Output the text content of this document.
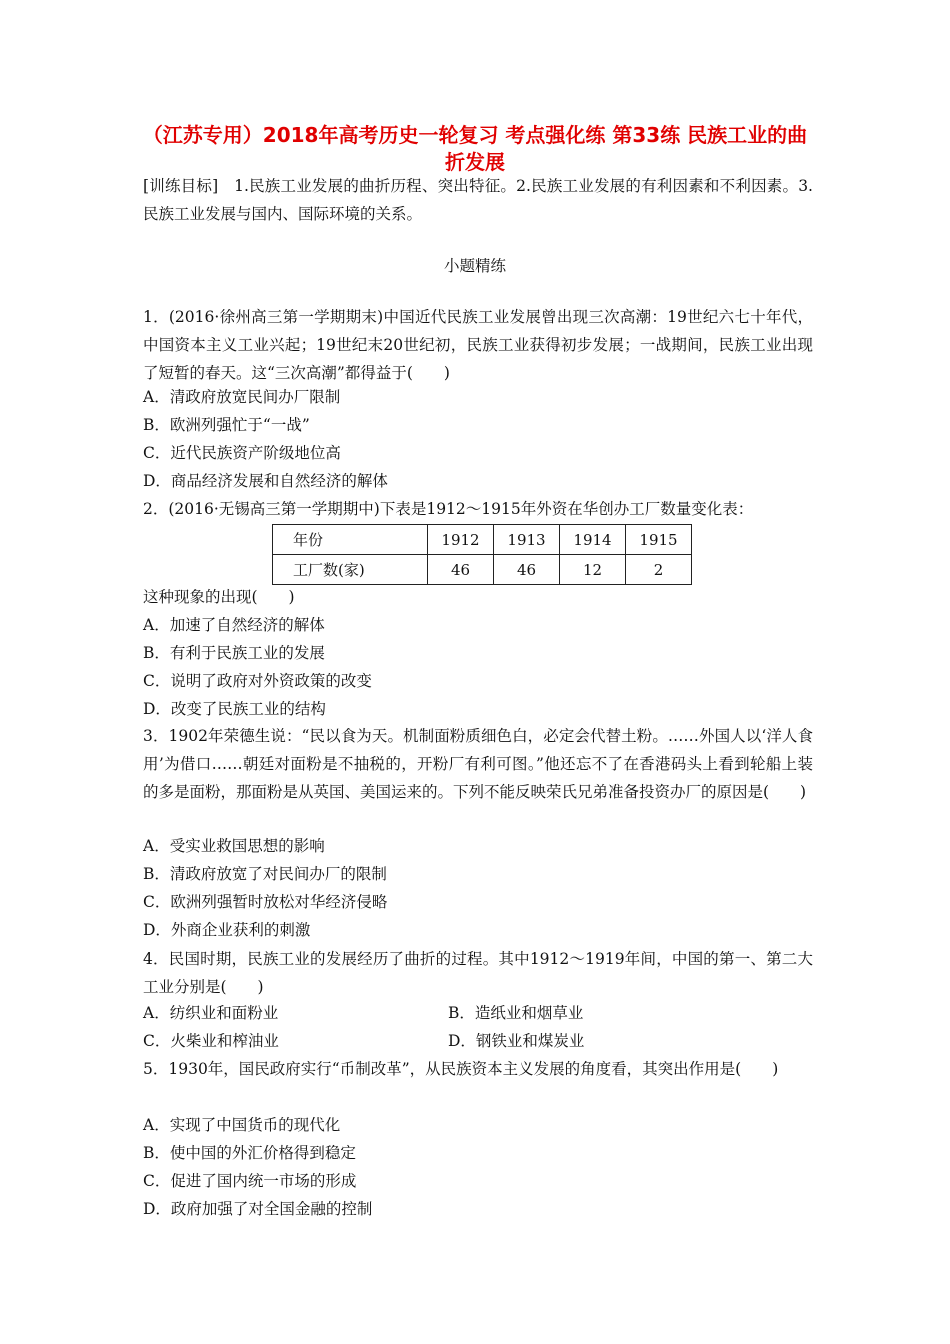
（江苏专用）2018年高考历史一轮复习 考点强化练 第33练 民族工业的曲折发展
[训练目标]　 1.民族工业发展的曲折历程、突出特征。2.民族工业发展的有利因素和不利因素。3.民族工业发展与国内、国际环境的关系。
小题精练
1．(2016·徐州高三第一学期期末)中国近代民族工业发展曾出现三次高潮：19世纪六七十年代，中国资本主义工业兴起；19世纪末20世纪初，民族工业获得初步发展；一战期间，民族工业出现了短暂的春天。这“三次高潮”都得益于(　　)
A．清政府放宽民间办厂限制
B．欧洲列强忙于“一战”
C．近代民族资产阶级地位高
D．商品经济发展和自然经济的解体
2．(2016·无锡高三第一学期期中)下表是1912～1915年外资在华创办工厂数量变化表：
年份	1912	1913	1914	1915
工厂数(家)	46	46	12	2
这种现象的出现(　　)
A．加速了自然经济的解体
B．有利于民族工业的发展
C．说明了政府对外资政策的改变
D．改变了民族工业的结构
3．1902年荣德生说：“民以食为天。机制面粉质细色白，必定会代替土粉。……外国人以‘洋人食用’为借口……朝廷对面粉是不抽税的，开粉厂有利可图。”他还忘不了在香港码头上看到轮船上装的多是面粉，那面粉是从英国、美国运来的。下列不能反映荣氏兄弟准备投资办厂的原因是(　　)
A．受实业救国思想的影响
B．清政府放宽了对民间办厂的限制
C．欧洲列强暂时放松对华经济侵略
D．外商企业获利的刺激
4．民国时期，民族工业的发展经历了曲折的过程。其中1912～1919年间，中国的第一、第二大工业分别是(　　)
A．纺织业和面粉业	B．造纸业和烟草业
C．火柴业和榨油业	D．钢铁业和煤炭业
5．1930年，国民政府实行“币制改革”，从民族资本主义发展的角度看，其突出作用是(　　)
A．实现了中国货币的现代化
B．使中国的外汇价格得到稳定
C．促进了国内统一市场的形成
D．政府加强了对全国金融的控制
